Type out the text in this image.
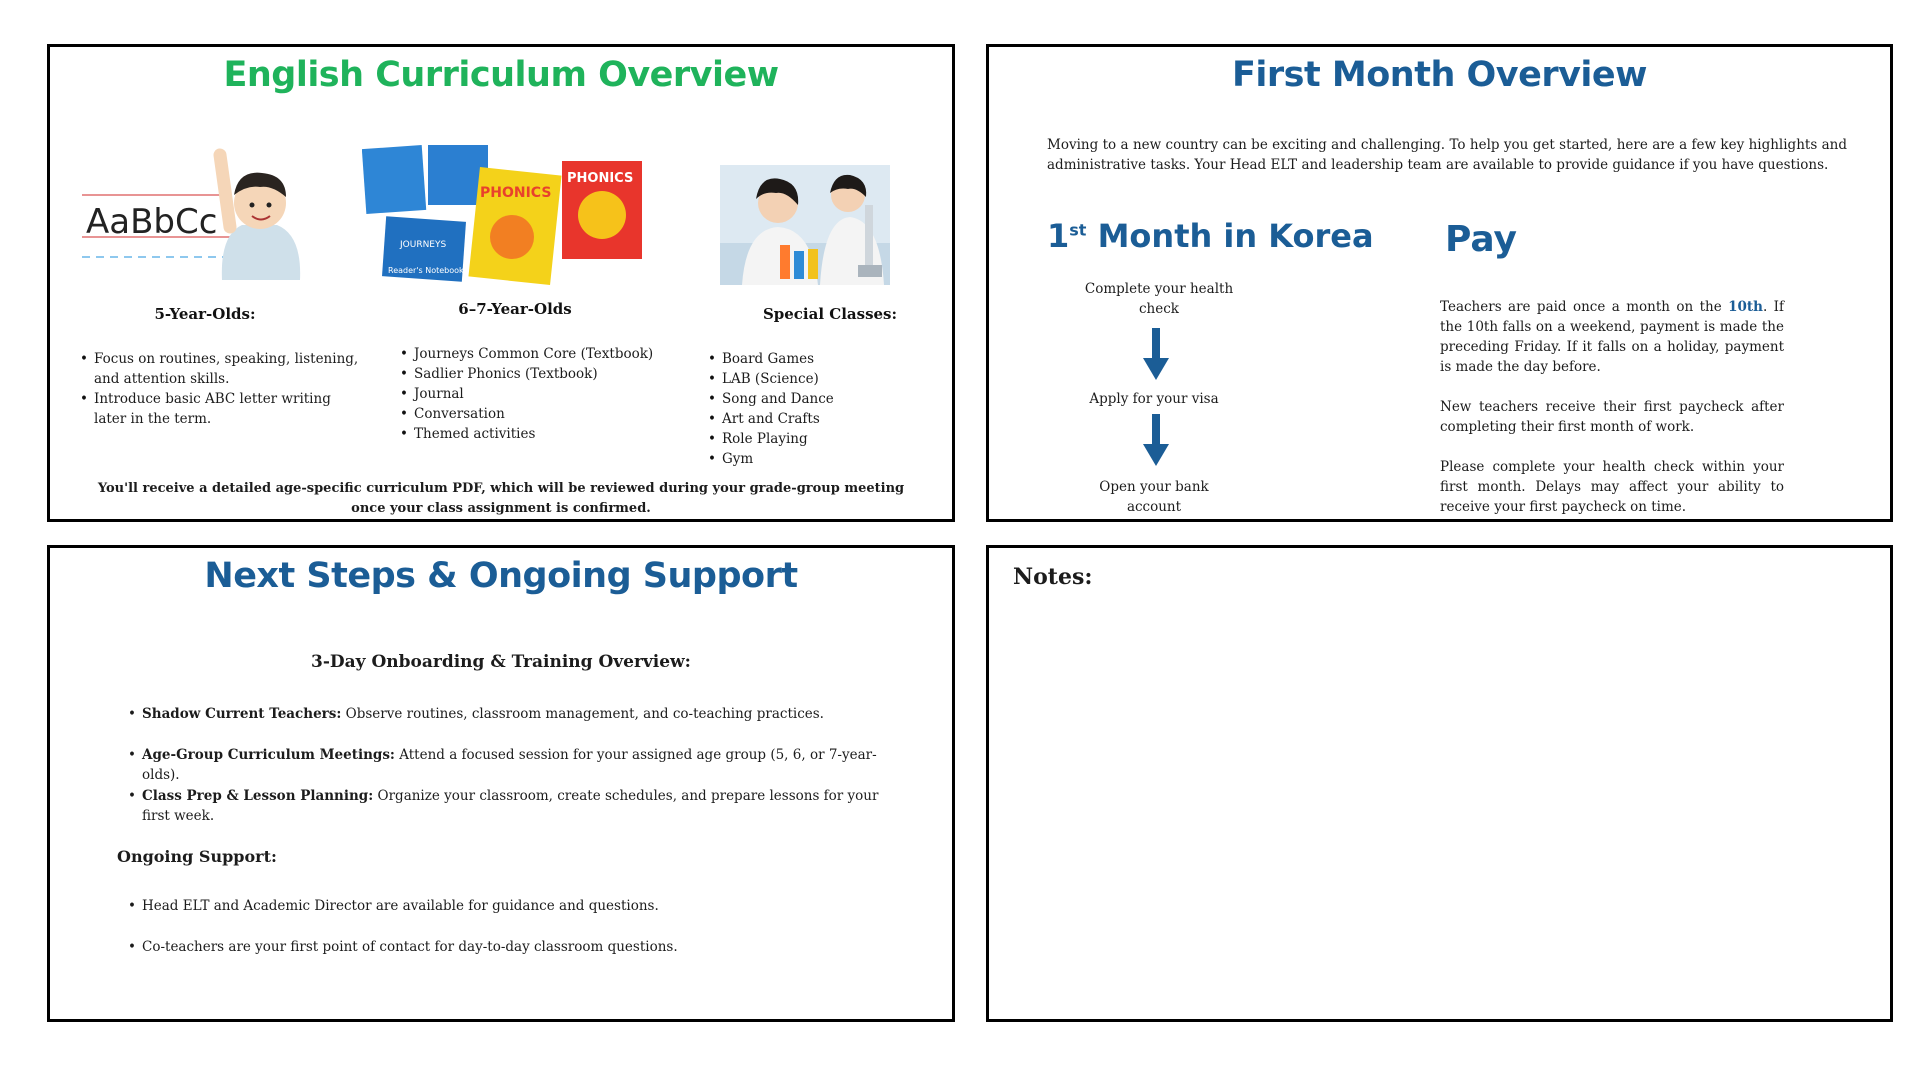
English Curriculum Overview
AaBbCc
JOURNEYS
Reader's Notebook
PHONICS
PHONICS
5-Year-Olds:
• Focus on routines, speaking, listening, and attention skills.
• Introduce basic ABC letter writing later in the term.
6–7-Year-Olds
• Journeys Common Core (Textbook)
• Sadlier Phonics (Textbook)
• Journal
• Conversation
• Themed activities
Special Classes:
• Board Games
• LAB (Science)
• Song and Dance
• Art and Crafts
• Role Playing
• Gym
You'll receive a detailed age-specific curriculum PDF, which will be reviewed during your grade-group meeting once your class assignment is confirmed.
First Month Overview
Moving to a new country can be exciting and challenging. To help you get started, here are a few key highlights and administrative tasks. Your Head ELT and leadership team are available to provide guidance if you have questions.
1st Month in Korea
Complete your health check
Apply for your visa
Open your bank account
Pay
Teachers are paid once a month on the 10th. If the 10th falls on a weekend, payment is made the preceding Friday. If it falls on a holiday, payment is made the day before.
New teachers receive their first paycheck after completing their first month of work.
Please complete your health check within your first month. Delays may affect your ability to receive your first paycheck on time.
Next Steps & Ongoing Support
3-Day Onboarding & Training Overview:
• Shadow Current Teachers: Observe routines, classroom management, and co-teaching practices.
• Age-Group Curriculum Meetings: Attend a focused session for your assigned age group (5, 6, or 7-year-olds).
• Class Prep & Lesson Planning: Organize your classroom, create schedules, and prepare lessons for your first week.
Ongoing Support:
• Head ELT and Academic Director are available for guidance and questions.
• Co-teachers are your first point of contact for day-to-day classroom questions.
Notes:
